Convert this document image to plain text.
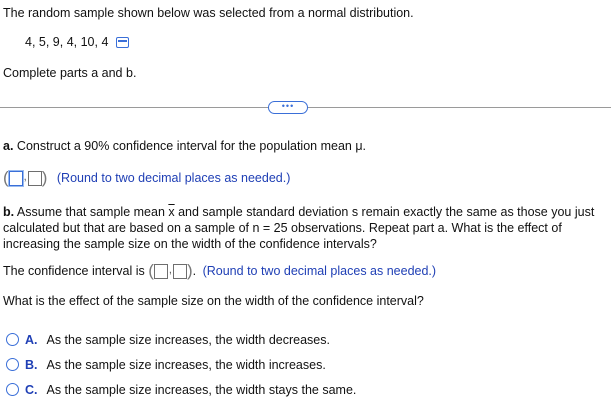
The random sample shown below was selected from a normal distribution.
4, 5, 9, 4, 10, 4
Complete parts a and b.
•••
a. Construct a 90% confidence interval for the population mean μ.
( , ) (Round to two decimal places as needed.)
b. Assume that sample mean $\overline{x}$ and sample standard deviation s remain exactly the same as those you just calculated but that are based on a sample of n = 25 observations. Repeat part a. What is the effect of increasing the sample size on the width of the confidence intervals?
The confidence interval is ( , ). (Round to two decimal places as needed.)
What is the effect of the sample size on the width of the confidence interval?
A. As the sample size increases, the width decreases.
B. As the sample size increases, the width increases.
C. As the sample size increases, the width stays the same.
